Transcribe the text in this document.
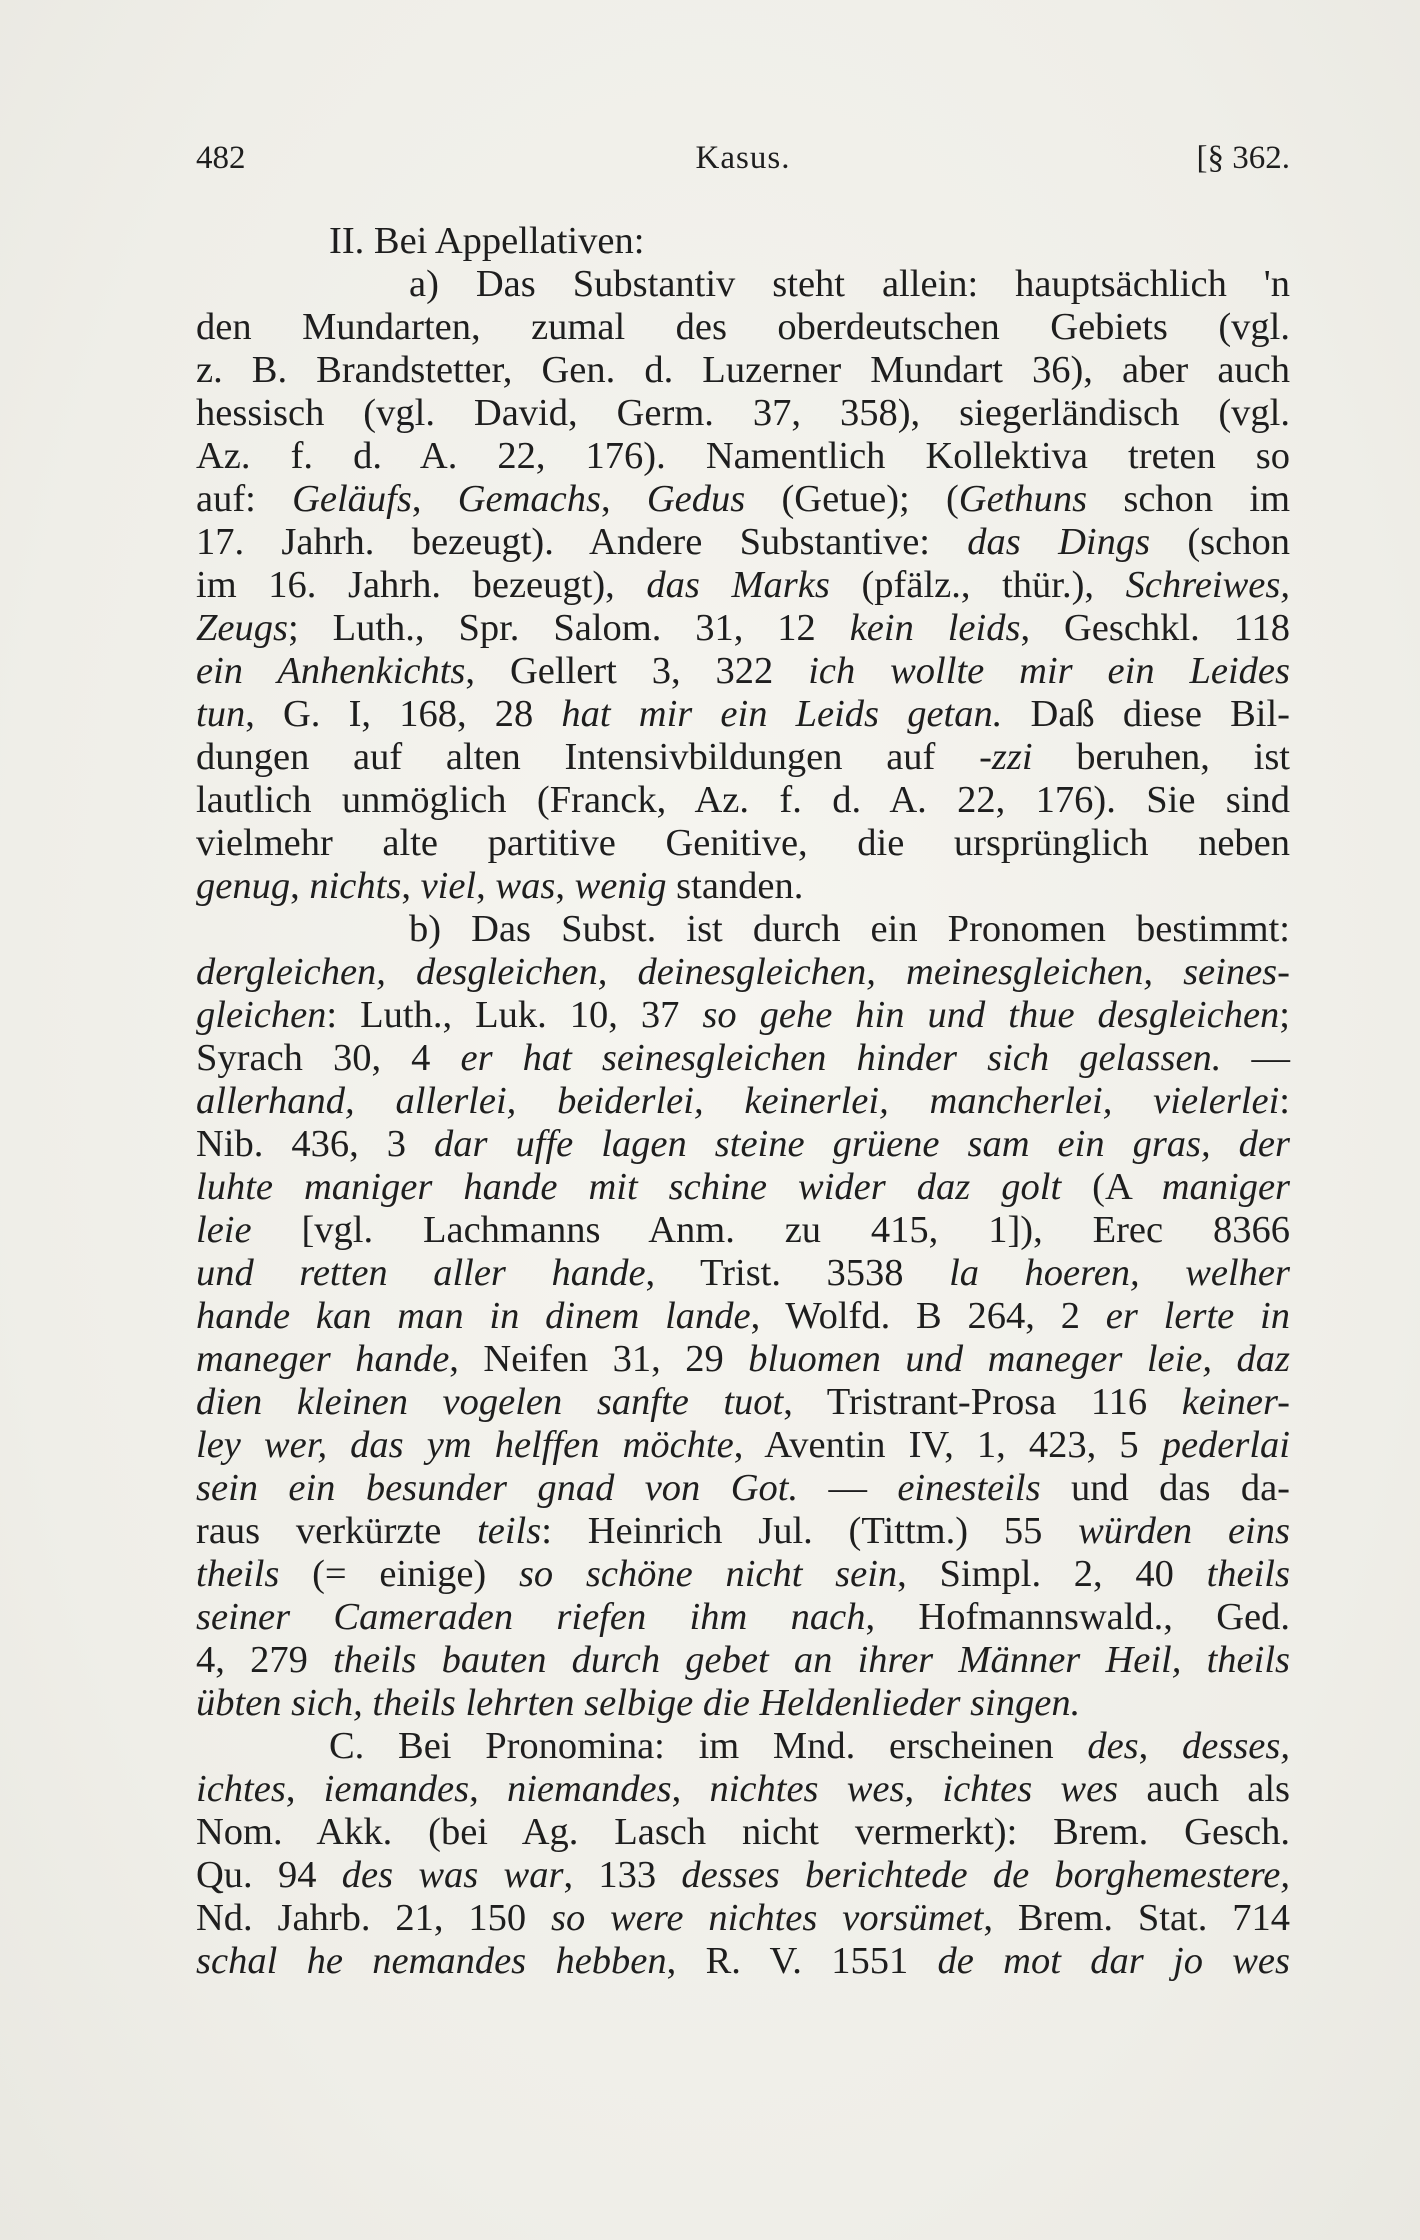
482	Kasus.	[§ 362.
II. Bei Appellativen:
a) Das Substantiv steht allein: hauptsächlich 'n
den Mundarten, zumal des oberdeutschen Gebiets (vgl.
z. B. Brandstetter, Gen. d. Luzerner Mundart 36), aber auch
hessisch (vgl. David, Germ. 37, 358), siegerländisch (vgl.
Az. f. d. A. 22, 176). Namentlich Kollektiva treten so
auf: Geläufs, Gemachs, Gedus (Getue); (Gethuns schon im
17. Jahrh. bezeugt). Andere Substantive: das Dings (schon
im 16. Jahrh. bezeugt), das Marks (pfälz., thür.), Schreiwes,
Zeugs; Luth., Spr. Salom. 31, 12 kein leids, Geschkl. 118
ein Anhenkichts, Gellert 3, 322 ich wollte mir ein Leides
tun, G. I, 168, 28 hat mir ein Leids getan. Daß diese Bil-
dungen auf alten Intensivbildungen auf -zzi beruhen, ist
lautlich unmöglich (Franck, Az. f. d. A. 22, 176). Sie sind
vielmehr alte partitive Genitive, die ursprünglich neben
genug, nichts, viel, was, wenig standen.
b) Das Subst. ist durch ein Pronomen bestimmt:
dergleichen, desgleichen, deinesgleichen, meinesgleichen, seines-
gleichen: Luth., Luk. 10, 37 so gehe hin und thue desgleichen;
Syrach 30, 4 er hat seinesgleichen hinder sich gelassen. —
allerhand, allerlei, beiderlei, keinerlei, mancherlei, vielerlei:
Nib. 436, 3 dar uffe lagen steine grüene sam ein gras, der
luhte maniger hande mit schine wider daz golt (A maniger
leie [vgl. Lachmanns Anm. zu 415, 1]), Erec 8366
und retten aller hande, Trist. 3538 la hoeren, welher
hande kan man in dinem lande, Wolfd. B 264, 2 er lerte in
maneger hande, Neifen 31, 29 bluomen und maneger leie, daz
dien kleinen vogelen sanfte tuot, Tristrant-Prosa 116 keiner-
ley wer, das ym helffen möchte, Aventin IV, 1, 423, 5 pederlai
sein ein besunder gnad von Got. — einesteils und das da-
raus verkürzte teils: Heinrich Jul. (Tittm.) 55 würden eins
theils (= einige) so schöne nicht sein, Simpl. 2, 40 theils
seiner Cameraden riefen ihm nach, Hofmannswald., Ged.
4, 279 theils bauten durch gebet an ihrer Männer Heil, theils
übten sich, theils lehrten selbige die Heldenlieder singen.
C. Bei Pronomina: im Mnd. erscheinen des, desses,
ichtes, iemandes, niemandes, nichtes wes, ichtes wes auch als
Nom. Akk. (bei Ag. Lasch nicht vermerkt): Brem. Gesch.
Qu. 94 des was war, 133 desses berichtede de borghemestere,
Nd. Jahrb. 21, 150 so were nichtes vorsümet, Brem. Stat. 714
schal he nemandes hebben, R. V. 1551 de mot dar jo wes
